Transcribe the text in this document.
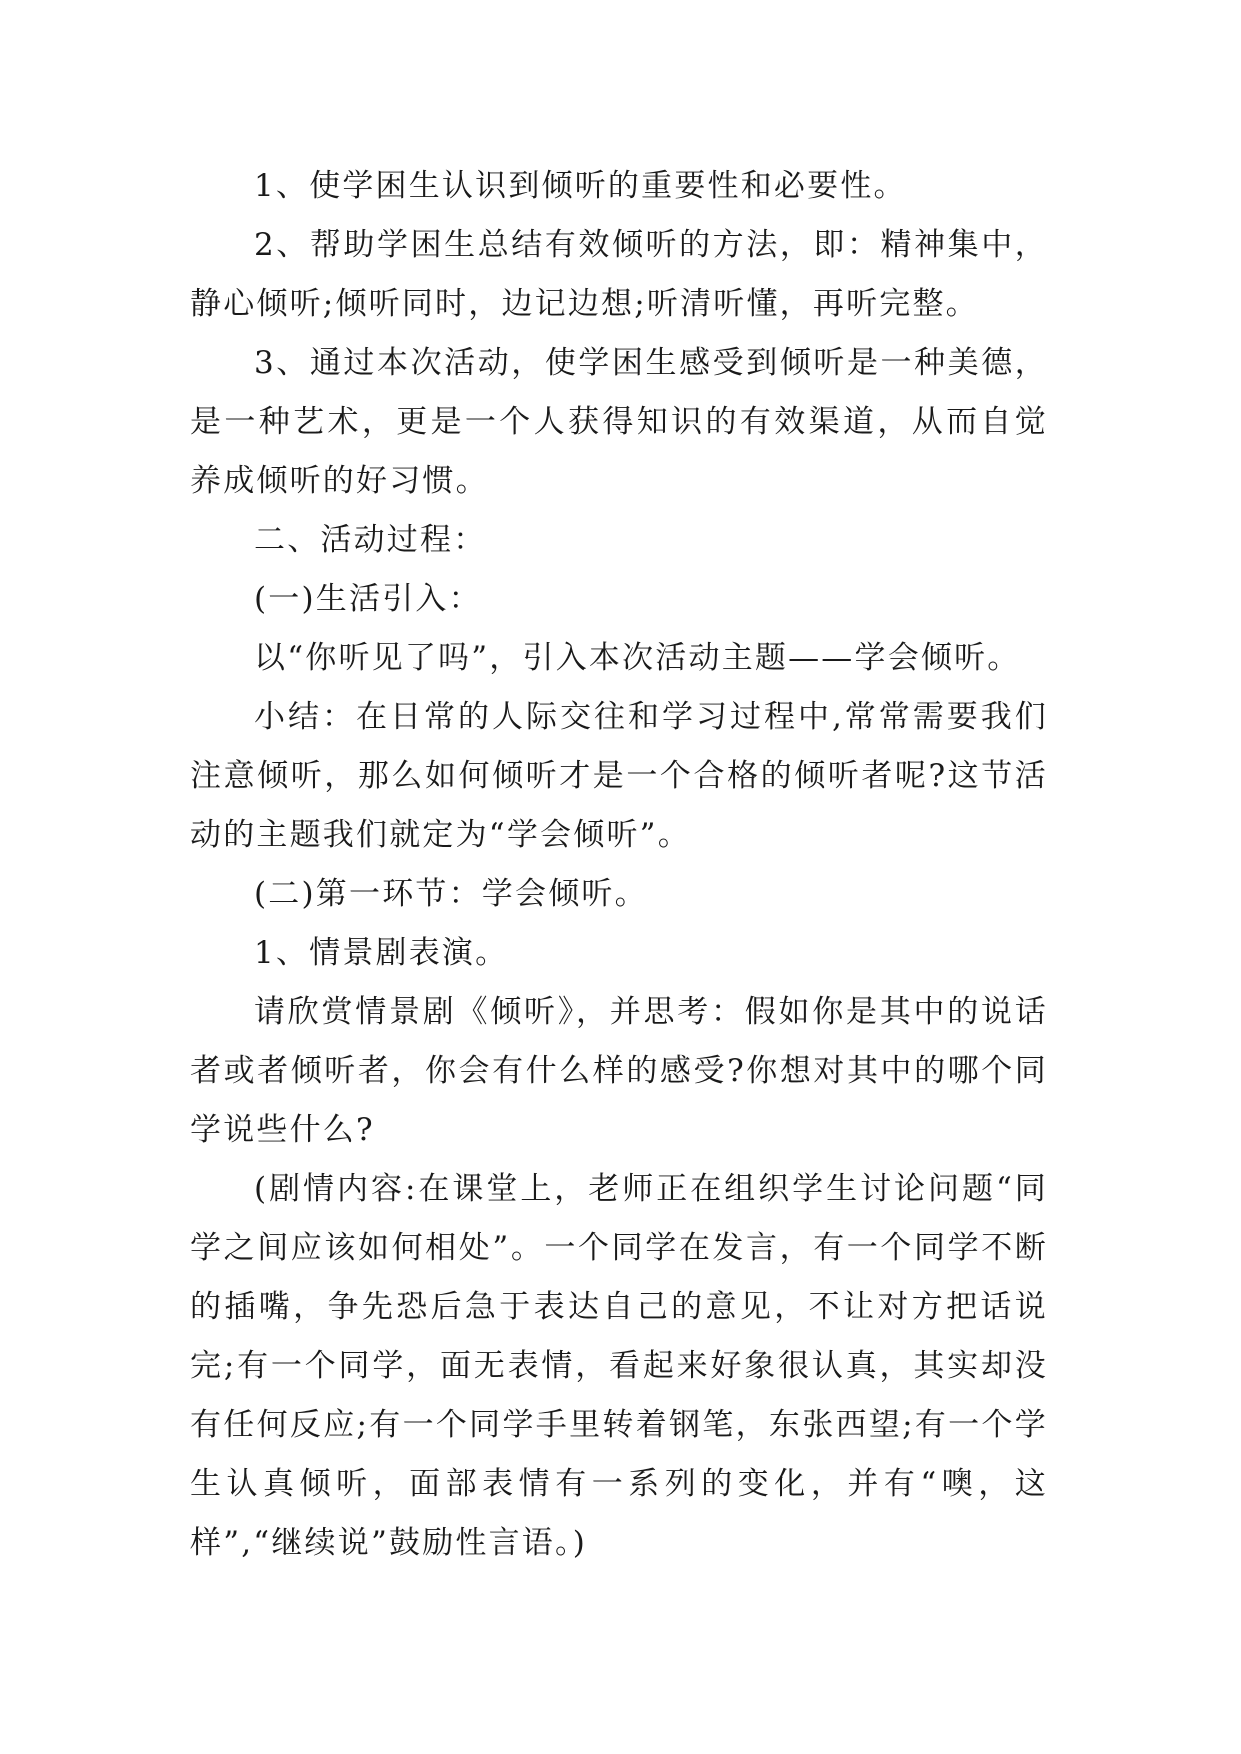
1、使学困生认识到倾听的重要性和必要性。

2、帮助学困生总结有效倾听的方法，即：精神集中，静心倾听;倾听同时，边记边想;听清听懂，再听完整。

3、通过本次活动，使学困生感受到倾听是一种美德，是一种艺术，更是一个人获得知识的有效渠道，从而自觉养成倾听的好习惯。

二、活动过程：

(一)生活引入：

以“你听见了吗”，引入本次活动主题——学会倾听。

小结：在日常的人际交往和学习过程中,常常需要我们注意倾听，那么如何倾听才是一个合格的倾听者呢?这节活动的主题我们就定为“学会倾听”。

(二)第一环节：学会倾听。

1、情景剧表演。

请欣赏情景剧《倾听》，并思考：假如你是其中的说话者或者倾听者，你会有什么样的感受?你想对其中的哪个同学说些什么?

(剧情内容:在课堂上，老师正在组织学生讨论问题“同学之间应该如何相处”。一个同学在发言，有一个同学不断的插嘴，争先恐后急于表达自己的意见，不让对方把话说完;有一个同学，面无表情，看起来好象很认真，其实却没有任何反应;有一个同学手里转着钢笔，东张西望;有一个学生认真倾听，面部表情有一系列的变化，并有“噢，这样”,“继续说”鼓励性言语。)
